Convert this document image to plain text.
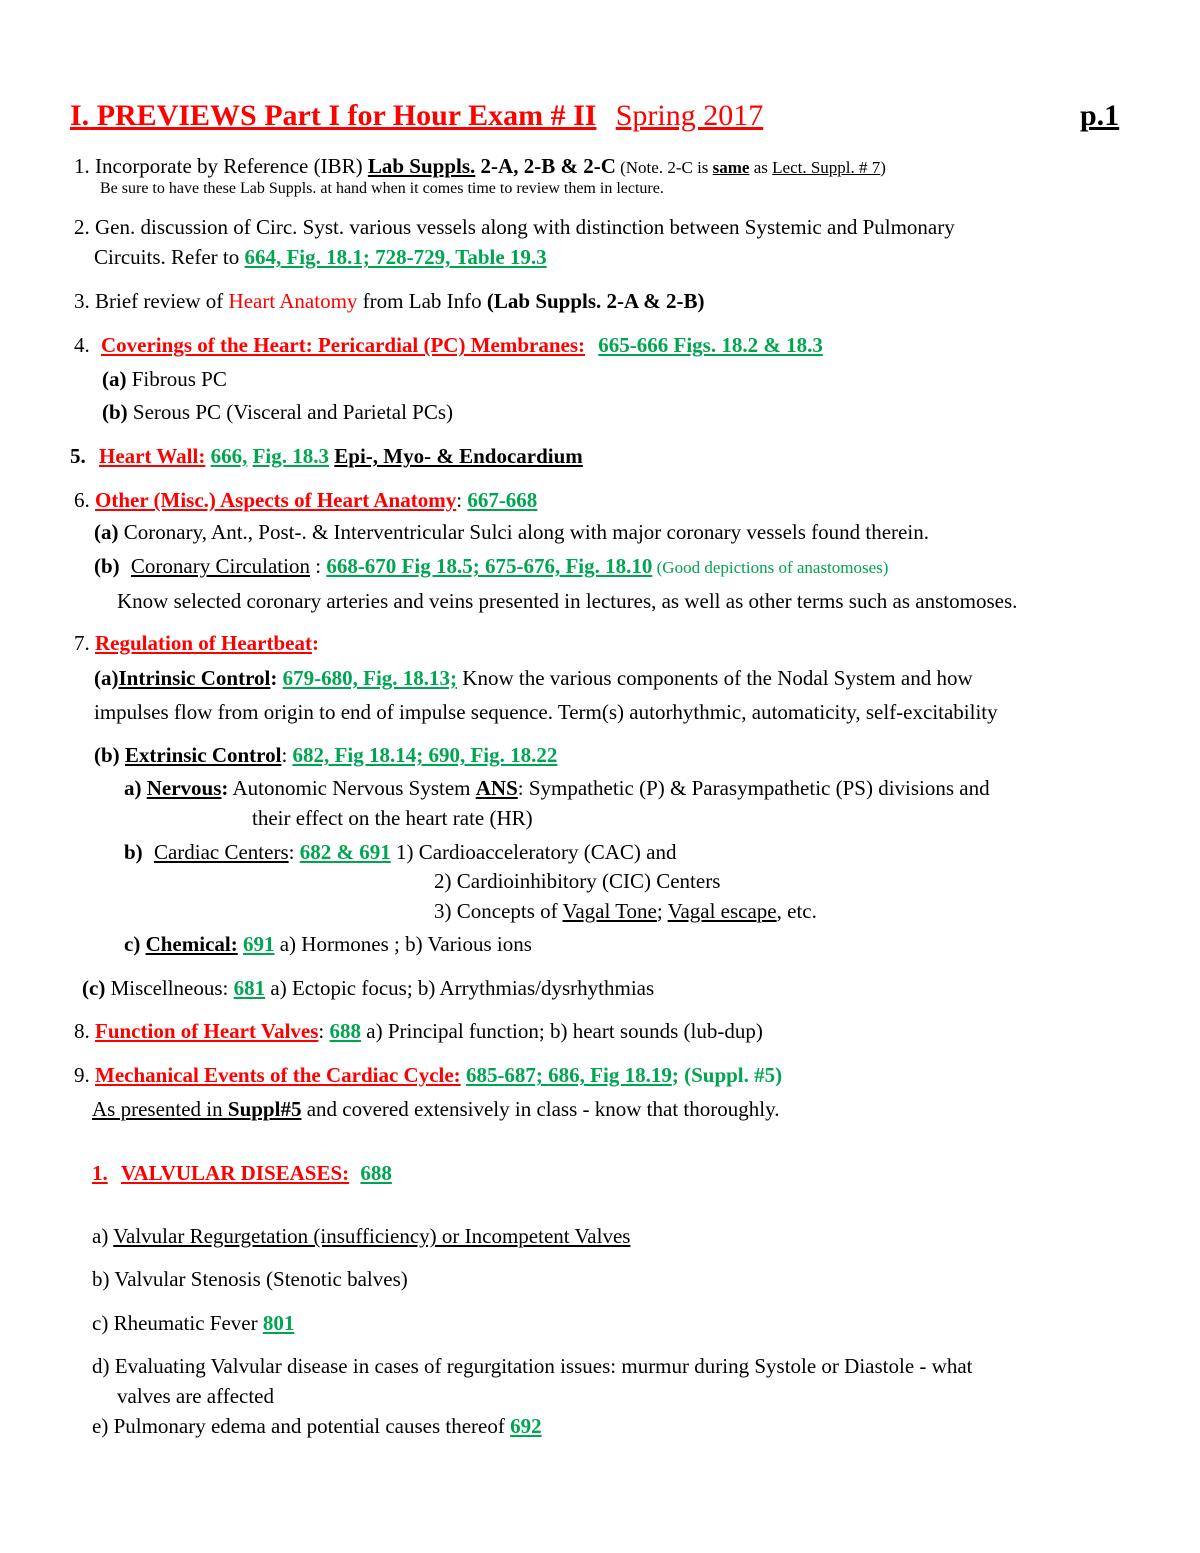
I. PREVIEWS Part I for Hour Exam # II Spring 2017	p.1
1. Incorporate by Reference (IBR) Lab Suppls. 2-A, 2-B & 2-C (Note. 2-C is same as Lect. Suppl. # 7)
Be sure to have these Lab Suppls. at hand when it comes time to review them in lecture.
2. Gen. discussion of Circ. Syst. various vessels along with distinction between Systemic and Pulmonary
Circuits. Refer to 664, Fig. 18.1; 728-729, Table 19.3
3. Brief review of Heart Anatomy from Lab Info (Lab Suppls. 2-A & 2-B)
4. Coverings of the Heart: Pericardial (PC) Membranes: 665-666 Figs. 18.2 & 18.3
(a) Fibrous PC
(b) Serous PC (Visceral and Parietal PCs)
5. Heart Wall: 666, Fig. 18.3 Epi-, Myo- & Endocardium
6. Other (Misc.) Aspects of Heart Anatomy: 667-668
(a) Coronary, Ant., Post-. & Interventricular Sulci along with major coronary vessels found therein.
(b) Coronary Circulation : 668-670 Fig 18.5; 675-676, Fig. 18.10 (Good depictions of anastomoses)
Know selected coronary arteries and veins presented in lectures, as well as other terms such as anstomoses.
7. Regulation of Heartbeat:
(a)Intrinsic Control: 679-680, Fig. 18.13; Know the various components of the Nodal System and how
impulses flow from origin to end of impulse sequence. Term(s) autorhythmic, automaticity, self-excitability
(b) Extrinsic Control: 682, Fig 18.14; 690, Fig. 18.22
a) Nervous: Autonomic Nervous System ANS: Sympathetic (P) & Parasympathetic (PS) divisions and
their effect on the heart rate (HR)
b) Cardiac Centers: 682 & 691 1) Cardioacceleratory (CAC) and
2) Cardioinhibitory (CIC) Centers
3) Concepts of Vagal Tone; Vagal escape, etc.
c) Chemical: 691 a) Hormones ; b) Various ions
(c) Miscellneous: 681 a) Ectopic focus; b) Arrythmias/dysrhythmias
8. Function of Heart Valves: 688 a) Principal function; b) heart sounds (lub-dup)
9. Mechanical Events of the Cardiac Cycle: 685-687; 686, Fig 18.19; (Suppl. #5)
As presented in Suppl#5 and covered extensively in class - know that thoroughly.
1. VALVULAR DISEASES: 688
a) Valvular Regurgetation (insufficiency) or Incompetent Valves
b) Valvular Stenosis (Stenotic balves)
c) Rheumatic Fever 801
d) Evaluating Valvular disease in cases of regurgitation issues: murmur during Systole or Diastole - what
valves are affected
e) Pulmonary edema and potential causes thereof 692
